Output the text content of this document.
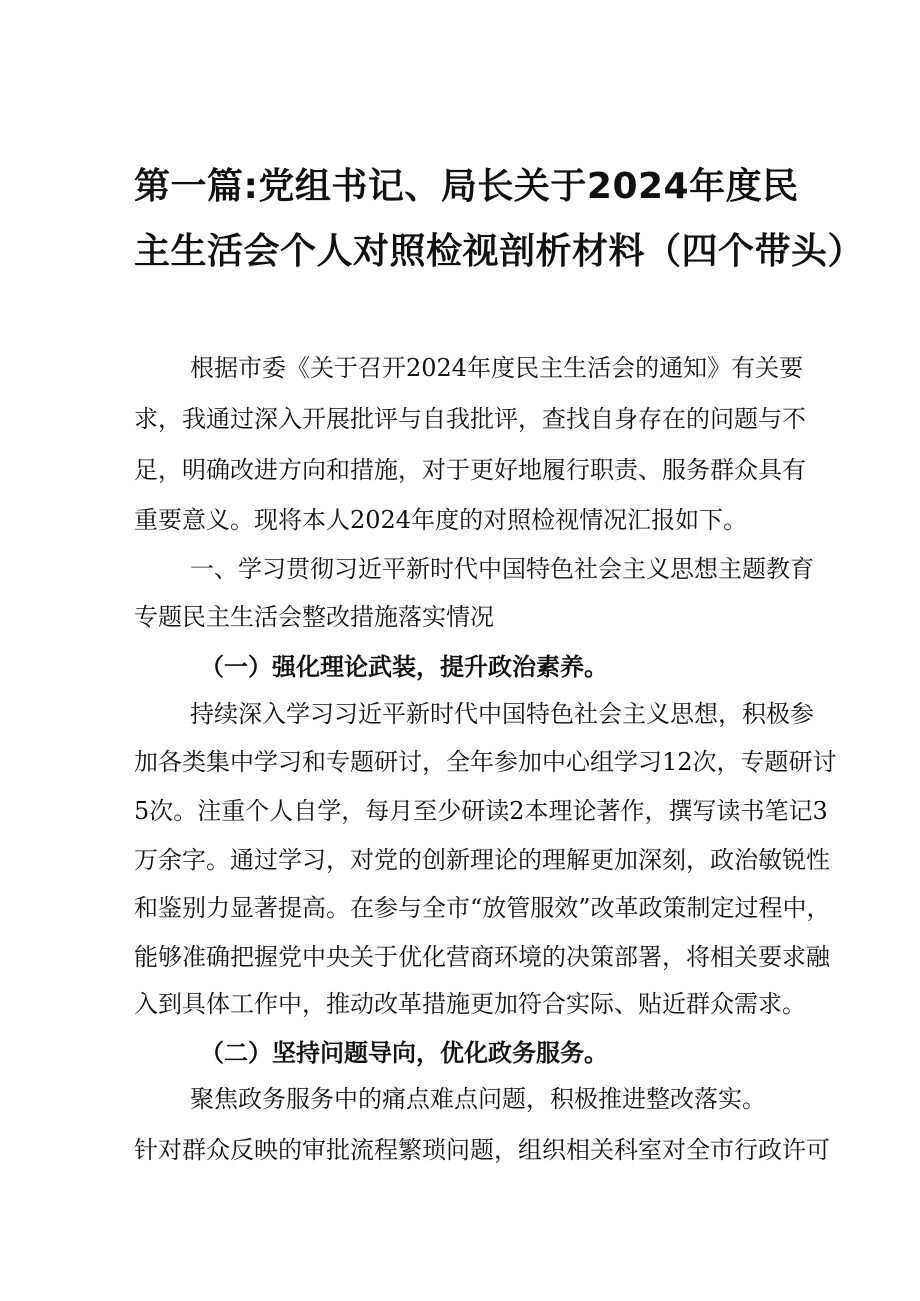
第一篇:党组书记、局长关于2024年度民
主生活会个人对照检视剖析材料（四个带头）
根据市委《关于召开2024年度民主生活会的通知》有关要
求，我通过深入开展批评与自我批评，查找自身存在的问题与不
足，明确改进方向和措施，对于更好地履行职责、服务群众具有
重要意义。现将本人2024年度的对照检视情况汇报如下。
一、学习贯彻习近平新时代中国特色社会主义思想主题教育
专题民主生活会整改措施落实情况
（一）强化理论武装，提升政治素养。
持续深入学习习近平新时代中国特色社会主义思想，积极参
加各类集中学习和专题研讨，全年参加中心组学习12次，专题研讨
5次。注重个人自学，每月至少研读2本理论著作，撰写读书笔记3
万余字。通过学习，对党的创新理论的理解更加深刻，政治敏锐性
和鉴别力显著提高。在参与全市“放管服效”改革政策制定过程中，
能够准确把握党中央关于优化营商环境的决策部署，将相关要求融
入到具体工作中，推动改革措施更加符合实际、贴近群众需求。
（二）坚持问题导向，优化政务服务。
聚焦政务服务中的痛点难点问题，积极推进整改落实。
针对群众反映的审批流程繁琐问题，组织相关科室对全市行政许可
